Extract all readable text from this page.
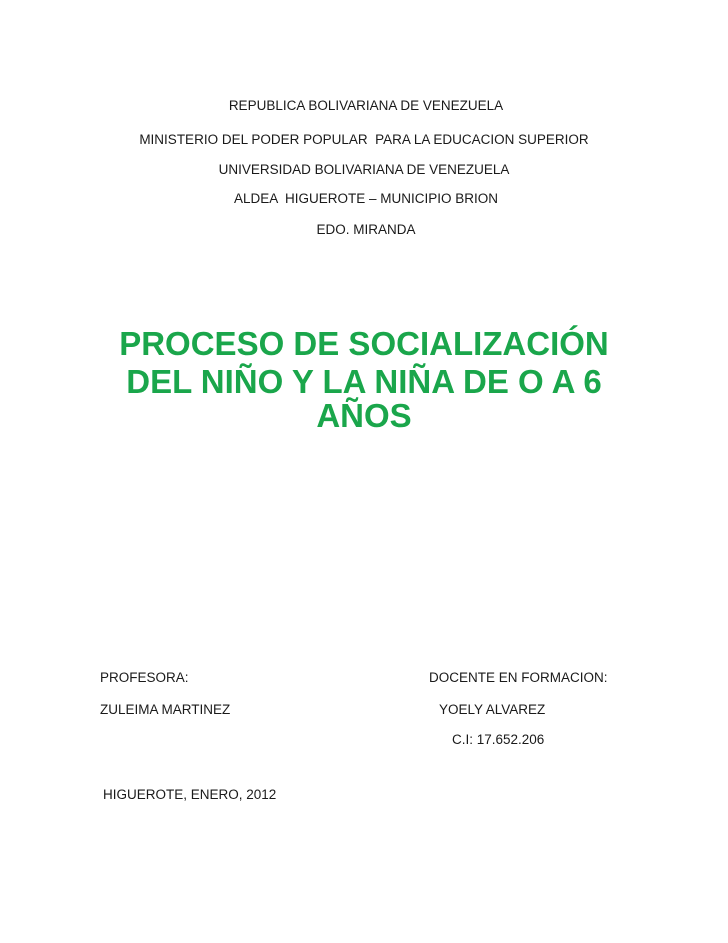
REPUBLICA BOLIVARIANA DE VENEZUELA
MINISTERIO DEL PODER POPULAR  PARA LA EDUCACION SUPERIOR
UNIVERSIDAD BOLIVARIANA DE VENEZUELA
ALDEA  HIGUEROTE – MUNICIPIO BRION
EDO. MIRANDA
PROCESO DE SOCIALIZACIÓN
DEL NIÑO Y LA NIÑA DE O A 6
AÑOS
PROFESORA:
ZULEIMA MARTINEZ
DOCENTE EN FORMACION:
YOELY ALVAREZ
C.I: 17.652.206
HIGUEROTE, ENERO, 2012
